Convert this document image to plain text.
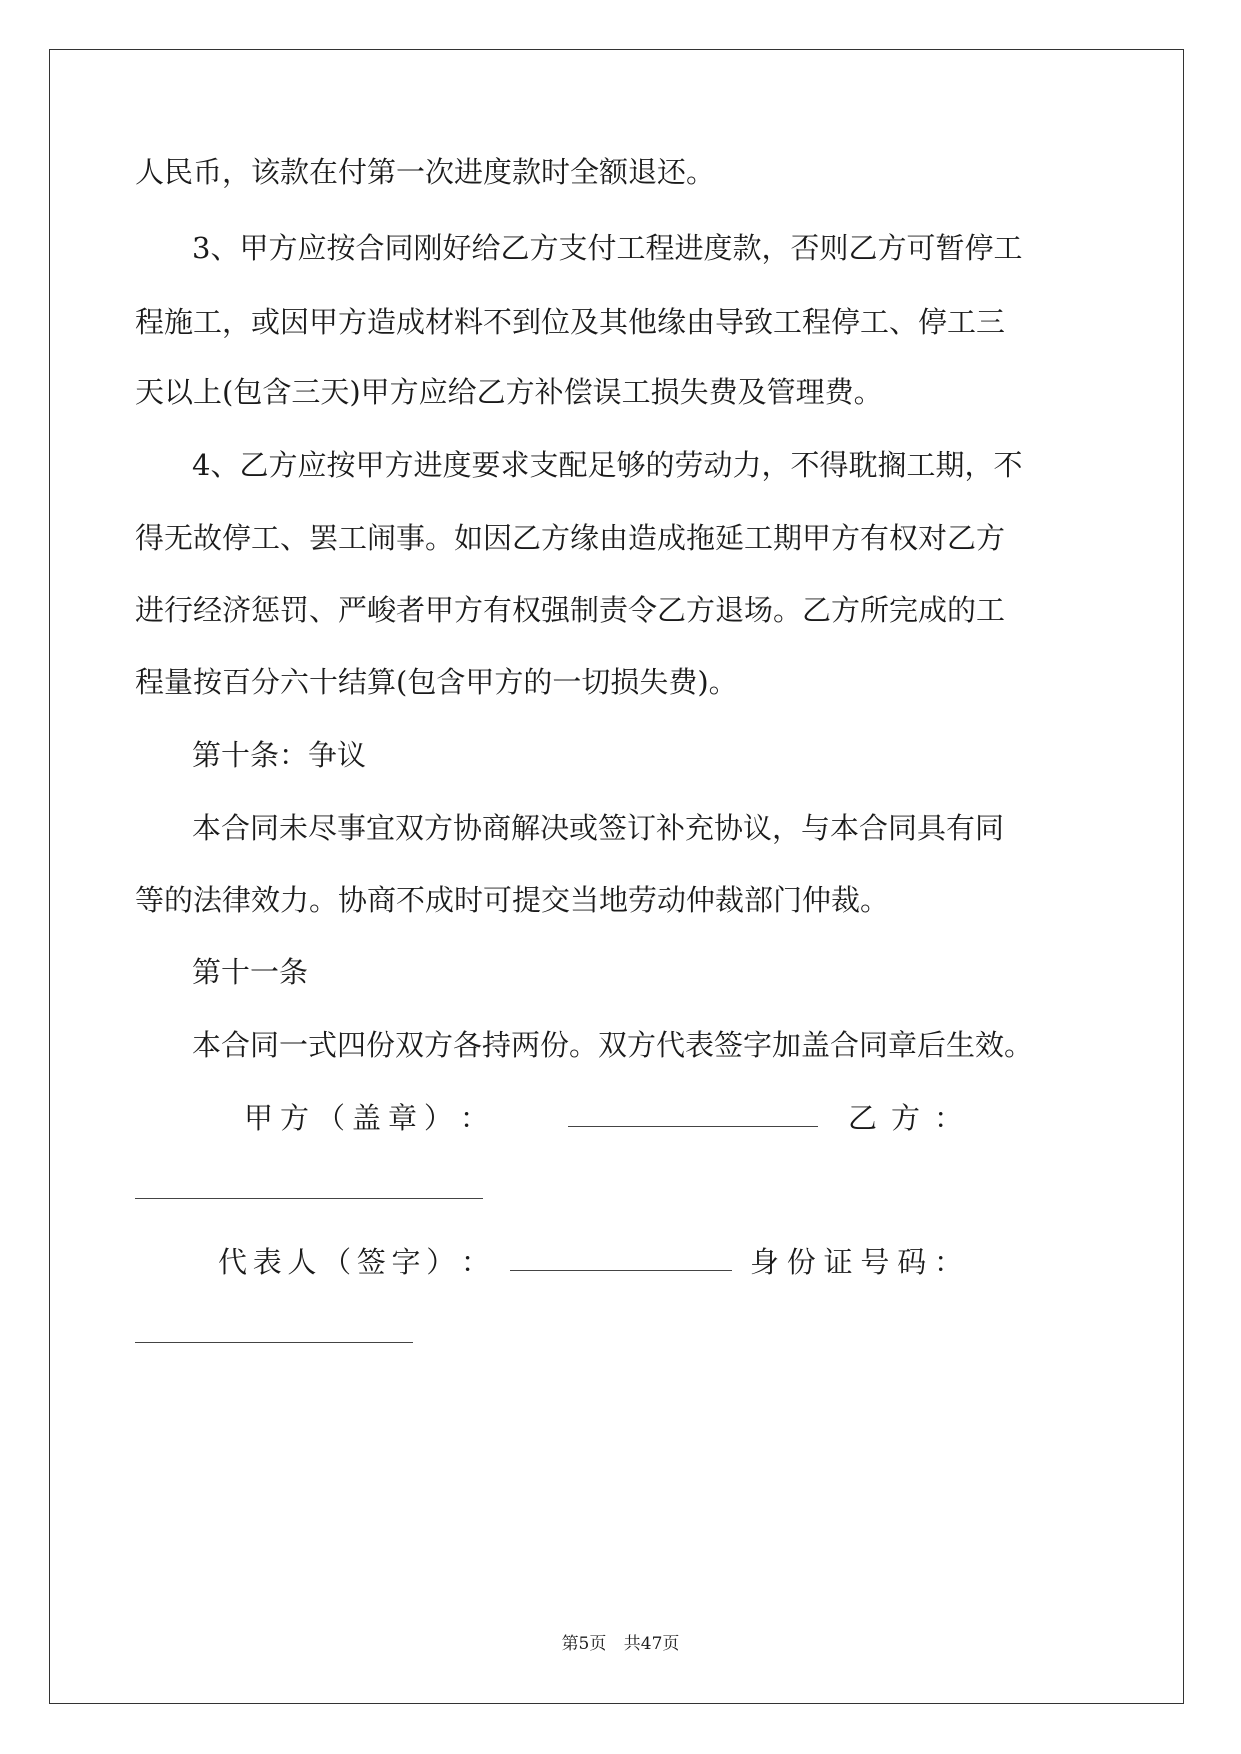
人民币，该款在付第一次进度款时全额退还。
3、甲方应按合同刚好给乙方支付工程进度款，否则乙方可暂停工
程施工，或因甲方造成材料不到位及其他缘由导致工程停工、停工三
天以上(包含三天)甲方应给乙方补偿误工损失费及管理费。
4、乙方应按甲方进度要求支配足够的劳动力，不得耽搁工期，不
得无故停工、罢工闹事。如因乙方缘由造成拖延工期甲方有权对乙方
进行经济惩罚、严峻者甲方有权强制责令乙方退场。乙方所完成的工
程量按百分六十结算(包含甲方的一切损失费)。
第十条：争议
本合同未尽事宜双方协商解决或签订补充协议，与本合同具有同
等的法律效力。协商不成时可提交当地劳动仲裁部门仲裁。
第十一条
本合同一式四份双方各持两份。双方代表签字加盖合同章后生效。
甲 方 （ 盖 章 ） ：	乙 方 ：
代 表 人 （ 签 字 ） ：	身 份 证 号 码 ：
第5页 共47页
